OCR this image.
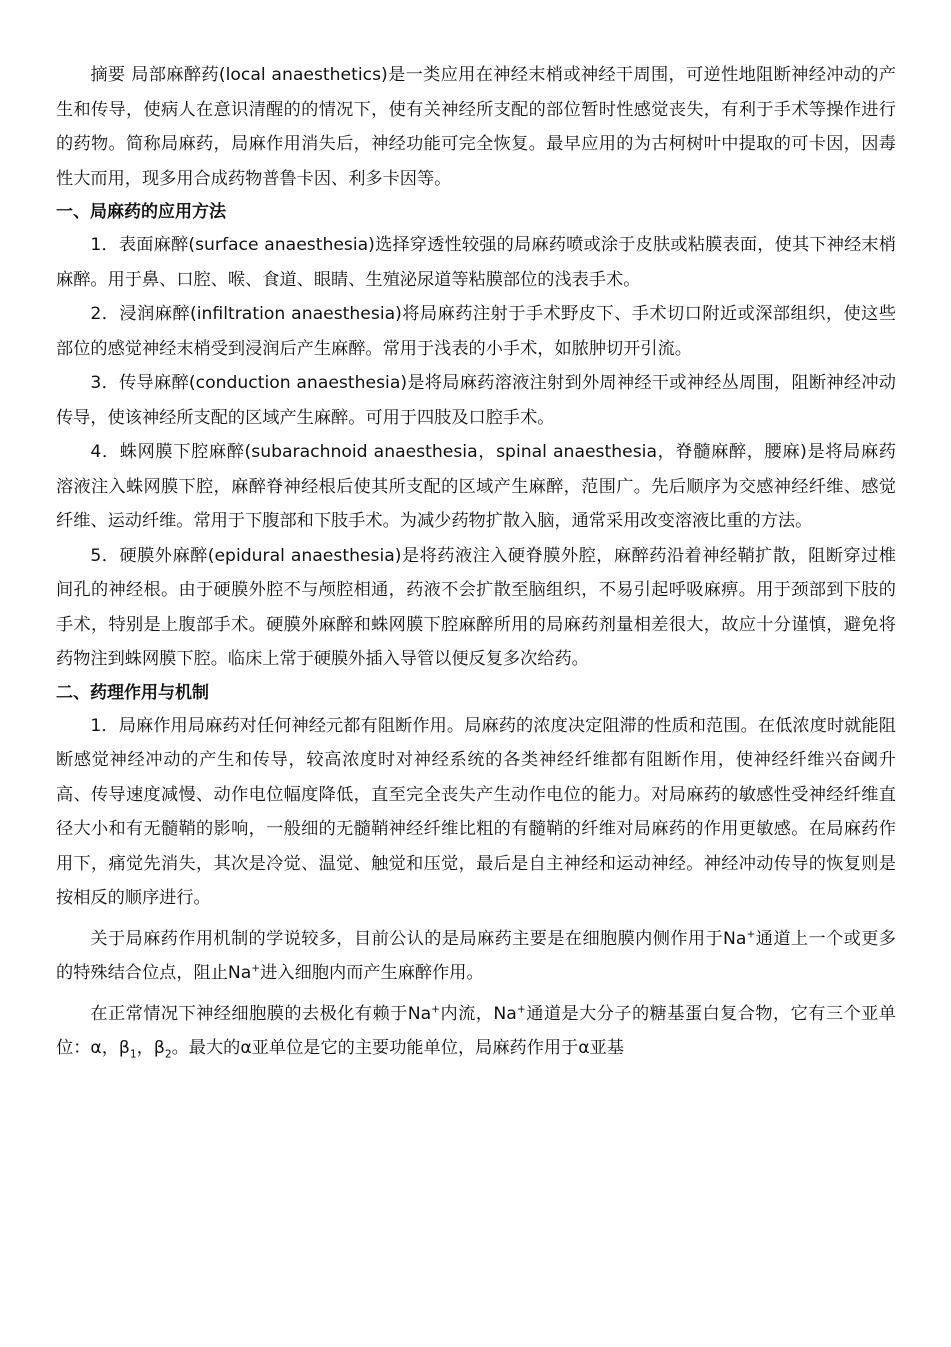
摘要 局部麻醉药(local anaesthetics)是一类应用在神经末梢或神经干周围，可逆性地阻断神经冲动的产生和传导，使病人在意识清醒的的情况下，使有关神经所支配的部位暂时性感觉丧失，有利于手术等操作进行的药物。简称局麻药，局麻作用消失后，神经功能可完全恢复。最早应用的为古柯树叶中提取的可卡因，因毒性大而用，现多用合成药物普鲁卡因、利多卡因等。

一、局麻药的应用方法

1．表面麻醉(surface anaesthesia)选择穿透性较强的局麻药喷或涂于皮肤或粘膜表面，使其下神经末梢麻醉。用于鼻、口腔、喉、食道、眼睛、生殖泌尿道等粘膜部位的浅表手术。

2．浸润麻醉(infiltration anaesthesia)将局麻药注射于手术野皮下、手术切口附近或深部组织，使这些部位的感觉神经末梢受到浸润后产生麻醉。常用于浅表的小手术，如脓肿切开引流。

3．传导麻醉(conduction anaesthesia)是将局麻药溶液注射到外周神经干或神经丛周围，阻断神经冲动传导，使该神经所支配的区域产生麻醉。可用于四肢及口腔手术。

4．蛛网膜下腔麻醉(subarachnoid anaesthesia，spinal anaesthesia，脊髓麻醉，腰麻)是将局麻药溶液注入蛛网膜下腔，麻醉脊神经根后使其所支配的区域产生麻醉，范围广。先后顺序为交感神经纤维、感觉纤维、运动纤维。常用于下腹部和下肢手术。为减少药物扩散入脑，通常采用改变溶液比重的方法。

5．硬膜外麻醉(epidural anaesthesia)是将药液注入硬脊膜外腔，麻醉药沿着神经鞘扩散，阻断穿过椎间孔的神经根。由于硬膜外腔不与颅腔相通，药液不会扩散至脑组织，不易引起呼吸麻痹。用于颈部到下肢的手术，特别是上腹部手术。硬膜外麻醉和蛛网膜下腔麻醉所用的局麻药剂量相差很大，故应十分谨慎，避免将药物注到蛛网膜下腔。临床上常于硬膜外插入导管以便反复多次给药。

二、药理作用与机制

1．局麻作用局麻药对任何神经元都有阻断作用。局麻药的浓度决定阻滞的性质和范围。在低浓度时就能阻断感觉神经冲动的产生和传导，较高浓度时对神经系统的各类神经纤维都有阻断作用，使神经纤维兴奋阈升高、传导速度减慢、动作电位幅度降低，直至完全丧失产生动作电位的能力。对局麻药的敏感性受神经纤维直径大小和有无髓鞘的影响，一般细的无髓鞘神经纤维比粗的有髓鞘的纤维对局麻药的作用更敏感。在局麻药作用下，痛觉先消失，其次是冷觉、温觉、触觉和压觉，最后是自主神经和运动神经。神经冲动传导的恢复则是按相反的顺序进行。

关于局麻药作用机制的学说较多，目前公认的是局麻药主要是在细胞膜内侧作用于Na+通道上一个或更多的特殊结合位点，阻止Na+进入细胞内而产生麻醉作用。

在正常情况下神经细胞膜的去极化有赖于Na+内流，Na+通道是大分子的糖基蛋白复合物，它有三个亚单位：α，$\beta_1$，$\beta_2$。最大的α亚单位是它的主要功能单位，局麻药作用于α亚基
